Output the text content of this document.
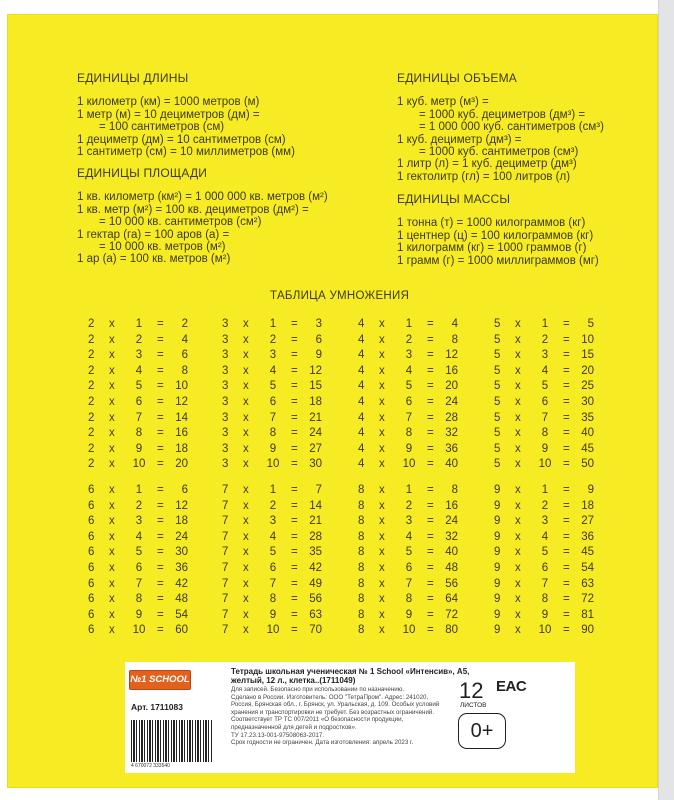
ЕДИНИЦЫ ДЛИНЫ
1 километр (км) = 1000 метров (м)
1 метр (м) = 10 дециметров (дм) =
= 100 сантиметров (см)
1 дециметр (дм) = 10 сантиметров (см)
1 сантиметр (см) = 10 миллиметров (мм)
ЕДИНИЦЫ ПЛОЩАДИ
1 кв. километр (км²) = 1 000 000 кв. метров (м²)
1 кв. метр (м²) = 100 кв. дециметров (дм²) =
= 10 000 кв. сантиметров (см²)
1 гектар (га) = 100 аров (а) =
= 10 000 кв. метров (м²)
1 ар (а) = 100 кв. метров (м²)
ЕДИНИЦЫ ОБЪЕМА
1 куб. метр (м³) =
= 1000 куб. дециметров (дм³) =
= 1 000 000 куб. сантиметров (см³)
1 куб. дециметр (дм³) =
= 1000 куб. сантиметров (см³)
1 литр (л) = 1 куб. дециметр (дм³)
1 гектолитр (гл) = 100 литров (л)
ЕДИНИЦЫ МАССЫ
1 тонна (т) = 1000 килограммов (кг)
1 центнер (ц) = 100 килограммов (кг)
1 килограмм (кг) = 1000 граммов (г)
1 грамм (г) = 1000 миллиграммов (мг)
ТАБЛИЦА УМНОЖЕНИЯ
2 x	1	=	2
2 x	2	=	4
2 x	3	=	6
2 x	4	=	8
2 x	5	= 10
2 x	6	= 12
2 x	7	= 14
2 x	8	= 16
2 x	9	= 18
2 x 10 = 20
3 x	1	=	3
3 x	2	=	6
3 x	3	=	9
3 x	4	= 12
3 x	5	= 15
3 x	6	= 18
3 x	7	= 21
3 x	8	= 24
3 x	9	= 27
3 x 10 = 30
4 x	1	=	4
4 x	2	=	8
4 x	3	= 12
4 x	4	= 16
4 x	5	= 20
4 x	6	= 24
4 x	7	= 28
4 x	8	= 32
4 x	9	= 36
4 x 10 = 40
5 x	1	=	5
5 x	2	= 10
5 x	3	= 15
5 x	4	= 20
5 x	5	= 25
5 x	6	= 30
5 x	7	= 35
5 x	8	= 40
5 x	9	= 45
5 x 10 = 50
6 x	1	=	6
6 x	2	= 12
6 x	3	= 18
6 x	4	= 24
6 x	5	= 30
6 x	6	= 36
6 x	7	= 42
6 x	8	= 48
6 x	9	= 54
6 x 10 = 60
7 x	1	=	7
7 x	2	= 14
7 x	3	= 21
7 x	4	= 28
7 x	5	= 35
7 x	6	= 42
7 x	7	= 49
7 x	8	= 56
7 x	9	= 63
7 x 10 = 70
8 x	1	=	8
8 x	2	= 16
8 x	3	= 24
8 x	4	= 32
8 x	5	= 40
8 x	6	= 48
8 x	7	= 56
8 x	8	= 64
8 x	9	= 72
8 x 10 = 80
9 x	1	=	9
9 x	2	= 18
9 x	3	= 27
9 x	4	= 36
9 x	5	= 45
9 x	6	= 54
9 x	7	= 63
9 x	8	= 72
9 x	9	= 81
9 x 10 = 90
№1 SCHOOL
Арт. 1711083
4 670072 333540
Тетрадь школьная ученическая № 1 School «Интенсив», А5, желтый, 12 л., клетка..(1711049)
Для записей. Безопасно при использовании по назначению.
Сделано в России. Изготовитель: ООО "ТетраПром". Адрес: 241020,
Россия, Брянская обл., г. Брянск, ул. Уральская, д. 109. Особых условий
хранения и транспортировки не требует. Без возрастных ограничений.
Соответствует ТР ТС 007/2011 «О безопасности продукции,
предназначенной для детей и подростков».
ТУ 17.23.13-001-97508063-2017.
Срок годности не ограничен. Дата изготовления: апрель 2023 г.
12
ЛИСТОВ
EAC
0+
